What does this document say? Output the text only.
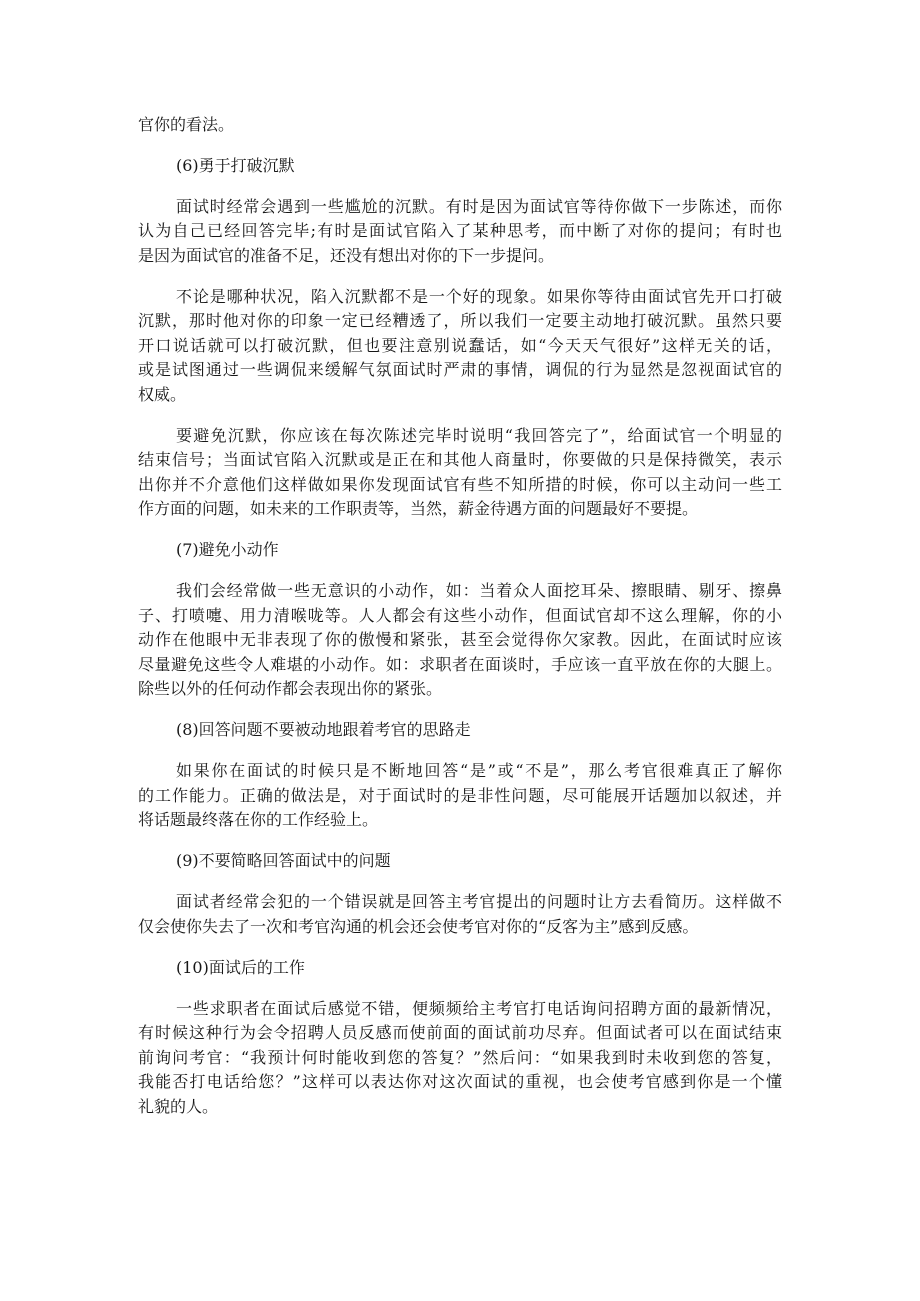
官你的看法。
(6)勇于打破沉默
面试时经常会遇到一些尴尬的沉默。有时是因为面试官等待你做下一步陈述，而你
认为自己已经回答完毕;有时是面试官陷入了某种思考，而中断了对你的提问；有时也
是因为面试官的准备不足，还没有想出对你的下一步提问。
不论是哪种状况，陷入沉默都不是一个好的现象。如果你等待由面试官先开口打破
沉默，那时他对你的印象一定已经糟透了，所以我们一定要主动地打破沉默。虽然只要
开口说话就可以打破沉默，但也要注意别说蠢话，如“今天天气很好”这样无关的话，
或是试图通过一些调侃来缓解气氛面试时严肃的事情，调侃的行为显然是忽视面试官的
权威。
要避免沉默，你应该在每次陈述完毕时说明“我回答完了”，给面试官一个明显的
结束信号；当面试官陷入沉默或是正在和其他人商量时，你要做的只是保持微笑，表示
出你并不介意他们这样做如果你发现面试官有些不知所措的时候，你可以主动问一些工
作方面的问题，如未来的工作职责等，当然，薪金待遇方面的问题最好不要提。
(7)避免小动作
我们会经常做一些无意识的小动作，如：当着众人面挖耳朵、擦眼睛、剔牙、擦鼻
子、打喷嚏、用力清喉咙等。人人都会有这些小动作，但面试官却不这么理解，你的小
动作在他眼中无非表现了你的傲慢和紧张，甚至会觉得你欠家教。因此，在面试时应该
尽量避免这些令人难堪的小动作。如：求职者在面谈时，手应该一直平放在你的大腿上。
除些以外的任何动作都会表现出你的紧张。
(8)回答问题不要被动地跟着考官的思路走
如果你在面试的时候只是不断地回答“是”或“不是”，那么考官很难真正了解你
的工作能力。正确的做法是，对于面试时的是非性问题，尽可能展开话题加以叙述，并
将话题最终落在你的工作经验上。
(9)不要简略回答面试中的问题
面试者经常会犯的一个错误就是回答主考官提出的问题时让方去看简历。这样做不
仅会使你失去了一次和考官沟通的机会还会使考官对你的“反客为主”感到反感。
(10)面试后的工作
一些求职者在面试后感觉不错，便频频给主考官打电话询问招聘方面的最新情况，
有时候这种行为会令招聘人员反感而使前面的面试前功尽弃。但面试者可以在面试结束
前询问考官：“我预计何时能收到您的答复？”然后问：“如果我到时未收到您的答复，
我能否打电话给您？”这样可以表达你对这次面试的重视，也会使考官感到你是一个懂
礼貌的人。
